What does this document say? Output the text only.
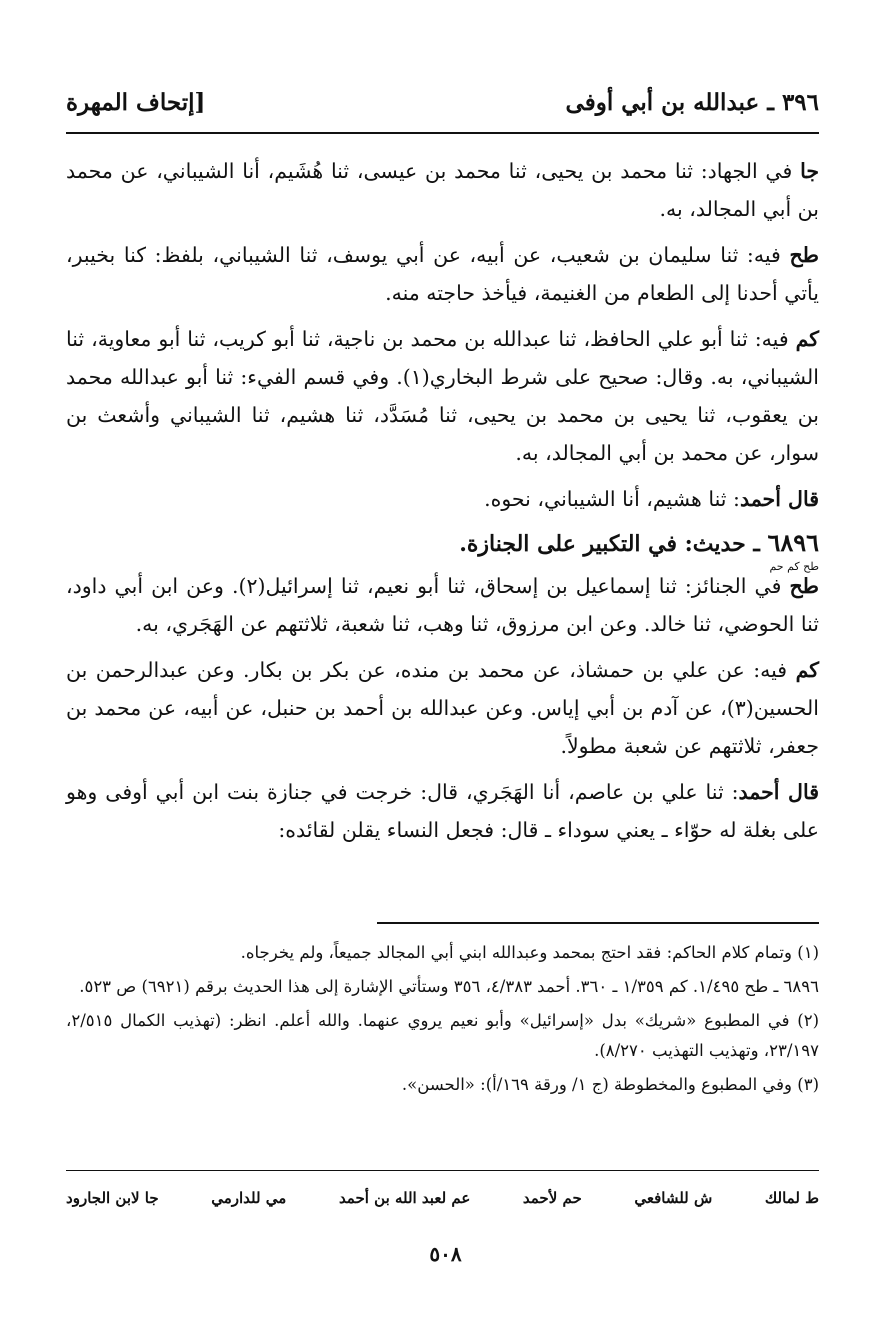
٣٩٦ ـ عبدالله بن أبي أوفى
[إتحاف المهرة

جا في الجهاد: ثنا محمد بن يحيى، ثنا محمد بن عيسى، ثنا هُشَيم، أنا الشيباني، عن محمد بن أبي المجالد، به.

طح فيه: ثنا سليمان بن شعيب، عن أبيه، عن أبي يوسف، ثنا الشيباني، بلفظ: كنا بخيبر، يأتي أحدنا إلى الطعام من الغنيمة، فيأخذ حاجته منه.

كم فيه: ثنا أبو علي الحافظ، ثنا عبدالله بن محمد بن ناجية، ثنا أبو كريب، ثنا أبو معاوية، ثنا الشيباني، به. وقال: صحيح على شرط البخاري(١). وفي قسم الفيء: ثنا أبو عبدالله محمد بن يعقوب، ثنا يحيى بن محمد بن يحيى، ثنا مُسَدَّد، ثنا هشيم، ثنا الشيباني وأشعث بن سوار، عن محمد بن أبي المجالد، به.

قال أحمد: ثنا هشيم، أنا الشيباني، نحوه.

٦٨٩٦ ـ حديث: في التكبير على الجنازة.

طح كم حم

طح في الجنائز: ثنا إسماعيل بن إسحاق، ثنا أبو نعيم، ثنا إسرائيل(٢). وعن ابن أبي داود، ثنا الحوضي، ثنا خالد. وعن ابن مرزوق، ثنا وهب، ثنا شعبة، ثلاثتهم عن الهَجَري، به.

كم فيه: عن علي بن حمشاذ، عن محمد بن منده، عن بكر بن بكار. وعن عبدالرحمن بن الحسين(٣)، عن آدم بن أبي إياس. وعن عبدالله بن أحمد بن حنبل، عن أبيه، عن محمد بن جعفر، ثلاثتهم عن شعبة مطولاً.

قال أحمد: ثنا علي بن عاصم، أنا الهَجَري، قال: خرجت في جنازة بنت ابن أبي أوفى وهو على بغلة له حوّاء ـ يعني سوداء ـ قال: فجعل النساء يقلن لقائده:

(١) وتمام كلام الحاكم: فقد احتج بمحمد وعبدالله ابني أبي المجالد جميعاً، ولم يخرجاه.

٦٨٩٦ ـ طح ١/٤٩٥. كم ١/٣٥٩ ـ ٣٦٠. أحمد ٤/٣٨٣، ٣٥٦ وستأتي الإشارة إلى هذا الحديث برقم (٦٩٢١) ص ٥٢٣.

(٢) في المطبوع «شريك» بدل «إسرائيل» وأبو نعيم يروي عنهما. والله أعلم. انظر: (تهذيب الكمال ٢/٥١٥، ٢٣/١٩٧، وتهذيب التهذيب ٨/٢٧٠).

(٣) وفي المطبوع والمخطوطة (ج ١/ ورقة ١٦٩/أ): «الحسن».

ط لمالك
ش للشافعي
حم لأحمد
عم لعبد الله بن أحمد
مي للدارمي
جا لابن الجارود
٥٠٨
